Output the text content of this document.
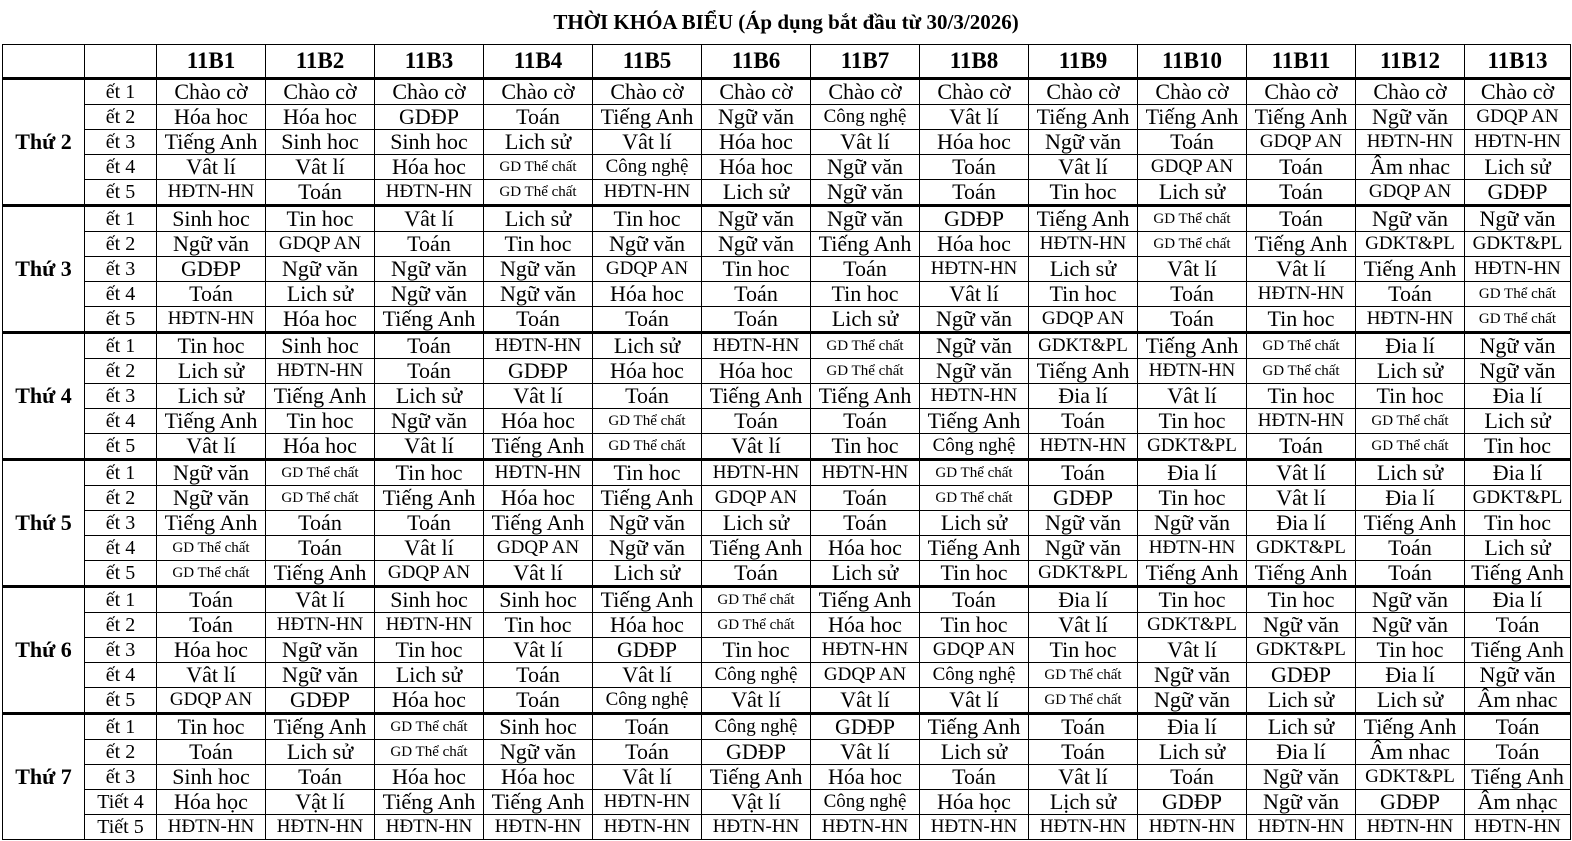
THỜI KHÓA BIỂU (Áp dụng bắt đầu từ 30/3/2026)
		11B1	11B2	11B3	11B4	11B5	11B6	11B7	11B8	11B9	11B10	11B11	11B12	11B13
Thứ 2	ết 1	Chào cờ	Chào cờ	Chào cờ	Chào cờ	Chào cờ	Chào cờ	Chào cờ	Chào cờ	Chào cờ	Chào cờ	Chào cờ	Chào cờ	Chào cờ
	ết 2	Hóa hoc	Hóa hoc	GDĐP	Toán	Tiếng Anh	Ngữ văn	Công nghệ	Vât lí	Tiếng Anh	Tiếng Anh	Tiếng Anh	Ngữ văn	GDQP AN
	ết 3	Tiếng Anh	Sinh hoc	Sinh hoc	Lich sử	Vât lí	Hóa hoc	Vât lí	Hóa hoc	Ngữ văn	Toán	GDQP AN	HĐTN-HN	HĐTN-HN
	ết 4	Vât lí	Vât lí	Hóa hoc	GD Thể chất	Công nghệ	Hóa hoc	Ngữ văn	Toán	Vât lí	GDQP AN	Toán	Âm nhac	Lich sử
	ết 5	HĐTN-HN	Toán	HĐTN-HN	GD Thể chất	HĐTN-HN	Lich sử	Ngữ văn	Toán	Tin hoc	Lich sử	Toán	GDQP AN	GDĐP
Thứ 3	ết 1	Sinh hoc	Tin hoc	Vât lí	Lich sử	Tin hoc	Ngữ văn	Ngữ văn	GDĐP	Tiếng Anh	GD Thể chất	Toán	Ngữ văn	Ngữ văn
	ết 2	Ngữ văn	GDQP AN	Toán	Tin hoc	Ngữ văn	Ngữ văn	Tiếng Anh	Hóa hoc	HĐTN-HN	GD Thể chất	Tiếng Anh	GDKT&PL	GDKT&PL
	ết 3	GDĐP	Ngữ văn	Ngữ văn	Ngữ văn	GDQP AN	Tin hoc	Toán	HĐTN-HN	Lich sử	Vât lí	Vât lí	Tiếng Anh	HĐTN-HN
	ết 4	Toán	Lich sử	Ngữ văn	Ngữ văn	Hóa hoc	Toán	Tin hoc	Vât lí	Tin hoc	Toán	HĐTN-HN	Toán	GD Thể chất
	ết 5	HĐTN-HN	Hóa hoc	Tiếng Anh	Toán	Toán	Toán	Lich sử	Ngữ văn	GDQP AN	Toán	Tin hoc	HĐTN-HN	GD Thể chất
Thứ 4	ết 1	Tin hoc	Sinh hoc	Toán	HĐTN-HN	Lich sử	HĐTN-HN	GD Thể chất	Ngữ văn	GDKT&PL	Tiếng Anh	GD Thể chất	Đia lí	Ngữ văn
	ết 2	Lich sử	HĐTN-HN	Toán	GDĐP	Hóa hoc	Hóa hoc	GD Thể chất	Ngữ văn	Tiếng Anh	HĐTN-HN	GD Thể chất	Lich sử	Ngữ văn
	ết 3	Lich sử	Tiếng Anh	Lich sử	Vât lí	Toán	Tiếng Anh	Tiếng Anh	HĐTN-HN	Đia lí	Vât lí	Tin hoc	Tin hoc	Đia lí
	ết 4	Tiếng Anh	Tin hoc	Ngữ văn	Hóa hoc	GD Thể chất	Toán	Toán	Tiếng Anh	Toán	Tin hoc	HĐTN-HN	GD Thể chất	Lich sử
	ết 5	Vât lí	Hóa hoc	Vât lí	Tiếng Anh	GD Thể chất	Vât lí	Tin hoc	Công nghệ	HĐTN-HN	GDKT&PL	Toán	GD Thể chất	Tin hoc
Thứ 5	ết 1	Ngữ văn	GD Thể chất	Tin hoc	HĐTN-HN	Tin hoc	HĐTN-HN	HĐTN-HN	GD Thể chất	Toán	Đia lí	Vât lí	Lich sử	Đia lí
	ết 2	Ngữ văn	GD Thể chất	Tiếng Anh	Hóa hoc	Tiếng Anh	GDQP AN	Toán	GD Thể chất	GDĐP	Tin hoc	Vât lí	Đia lí	GDKT&PL
	ết 3	Tiếng Anh	Toán	Toán	Tiếng Anh	Ngữ văn	Lich sử	Toán	Lich sử	Ngữ văn	Ngữ văn	Đia lí	Tiếng Anh	Tin hoc
	ết 4	GD Thể chất	Toán	Vât lí	GDQP AN	Ngữ văn	Tiếng Anh	Hóa hoc	Tiếng Anh	Ngữ văn	HĐTN-HN	GDKT&PL	Toán	Lich sử
	ết 5	GD Thể chất	Tiếng Anh	GDQP AN	Vât lí	Lich sử	Toán	Lich sử	Tin hoc	GDKT&PL	Tiếng Anh	Tiếng Anh	Toán	Tiếng Anh
Thứ 6	ết 1	Toán	Vât lí	Sinh hoc	Sinh hoc	Tiếng Anh	GD Thể chất	Tiếng Anh	Toán	Đia lí	Tin hoc	Tin hoc	Ngữ văn	Đia lí
	ết 2	Toán	HĐTN-HN	HĐTN-HN	Tin hoc	Hóa hoc	GD Thể chất	Hóa hoc	Tin hoc	Vât lí	GDKT&PL	Ngữ văn	Ngữ văn	Toán
	ết 3	Hóa hoc	Ngữ văn	Tin hoc	Vât lí	GDĐP	Tin hoc	HĐTN-HN	GDQP AN	Tin hoc	Vât lí	GDKT&PL	Tin hoc	Tiếng Anh
	ết 4	Vât lí	Ngữ văn	Lich sử	Toán	Vât lí	Công nghệ	GDQP AN	Công nghệ	GD Thể chất	Ngữ văn	GDĐP	Đia lí	Ngữ văn
	ết 5	GDQP AN	GDĐP	Hóa hoc	Toán	Công nghệ	Vât lí	Vât lí	Vât lí	GD Thể chất	Ngữ văn	Lich sử	Lich sử	Âm nhac
Thứ 7	ết 1	Tin hoc	Tiếng Anh	GD Thể chất	Sinh hoc	Toán	Công nghệ	GDĐP	Tiếng Anh	Toán	Đia lí	Lich sử	Tiếng Anh	Toán
	ết 2	Toán	Lich sử	GD Thể chất	Ngữ văn	Toán	GDĐP	Vât lí	Lich sử	Toán	Lich sử	Đia lí	Âm nhac	Toán
	ết 3	Sinh hoc	Toán	Hóa hoc	Hóa hoc	Vât lí	Tiếng Anh	Hóa hoc	Toán	Vât lí	Toán	Ngữ văn	GDKT&PL	Tiếng Anh
	Tiết 4	Hóa học	Vật lí	Tiếng Anh	Tiếng Anh	HĐTN-HN	Vật lí	Công nghệ	Hóa học	Lịch sử	GDĐP	Ngữ văn	GDĐP	Âm nhạc
	Tiết 5	HĐTN-HN	HĐTN-HN	HĐTN-HN	HĐTN-HN	HĐTN-HN	HĐTN-HN	HĐTN-HN	HĐTN-HN	HĐTN-HN	HĐTN-HN	HĐTN-HN	HĐTN-HN	HĐTN-HN
